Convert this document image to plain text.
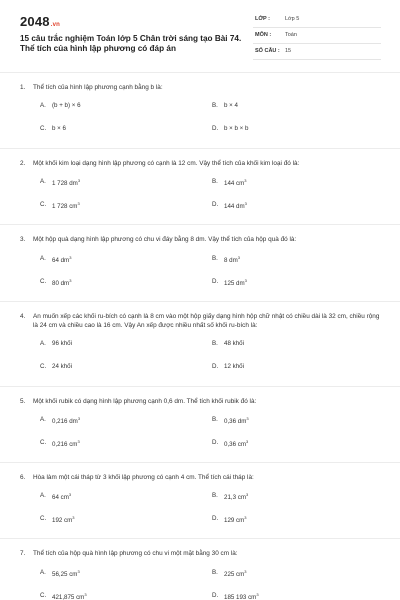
2048.vn
15 câu trắc nghiệm Toán lớp 5 Chân trời sáng tạo Bài 74. Thể tích của hình lập phương có đáp án
LỚP :	Lớp 5
MÔN :	Toán
SỐ CÂU : 15
1. Thể tích của hình lập phương cạnh bằng b là:
A. (b + b) × 6	B. b × 4
C. b × 6	D. b × b × b
2. Một khối kim loại dạng hình lập phương có cạnh là 12 cm. Vậy thể tích của khối kim loại đó là:
A. 1 728 $dm^3$	B. 144 $cm^3$
C. 1 728 $cm^3$	D. 144 $dm^3$
3. Một hộp quà dạng hình lập phương có chu vi đáy bằng 8 dm. Vậy thể tích của hộp quà đó là:
A. 64 $dm^3$	B. 8 $dm^3$
C. 80 $dm^3$	D. 125 $dm^3$
4. An muốn xếp các khối ru-bích có cạnh là 8 cm vào một hộp giấy dạng hình hộp chữ nhật có chiều dài là 32 cm, chiều rộng là 24 cm và chiều cao là 16 cm. Vậy An xếp được nhiều nhất số khối ru-bích là:
A. 96 khối	B. 48 khối
C. 24 khối	D. 12 khối
5. Một khối rubik có dạng hình lập phương cạnh 0,6 dm. Thể tích khối rubik đó là:
A. 0,216 $dm^3$	B. 0,36 $dm^3$
C. 0,216 $cm^3$	D. 0,36 $cm^3$
6. Hòa làm một cái tháp từ 3 khối lập phương có cạnh 4 cm. Thể tích cái tháp là:
A. 64 $cm^3$	B. 21,3 $cm^3$
C. 192 $cm^3$	D. 129 $cm^3$
7. Thể tích của hộp quà hình lập phương có chu vi một mặt bằng 30 cm là:
A. 56,25 $cm^3$	B. 225 $cm^3$
C. 421,875 $cm^3$	D. 185 193 $cm^3$
